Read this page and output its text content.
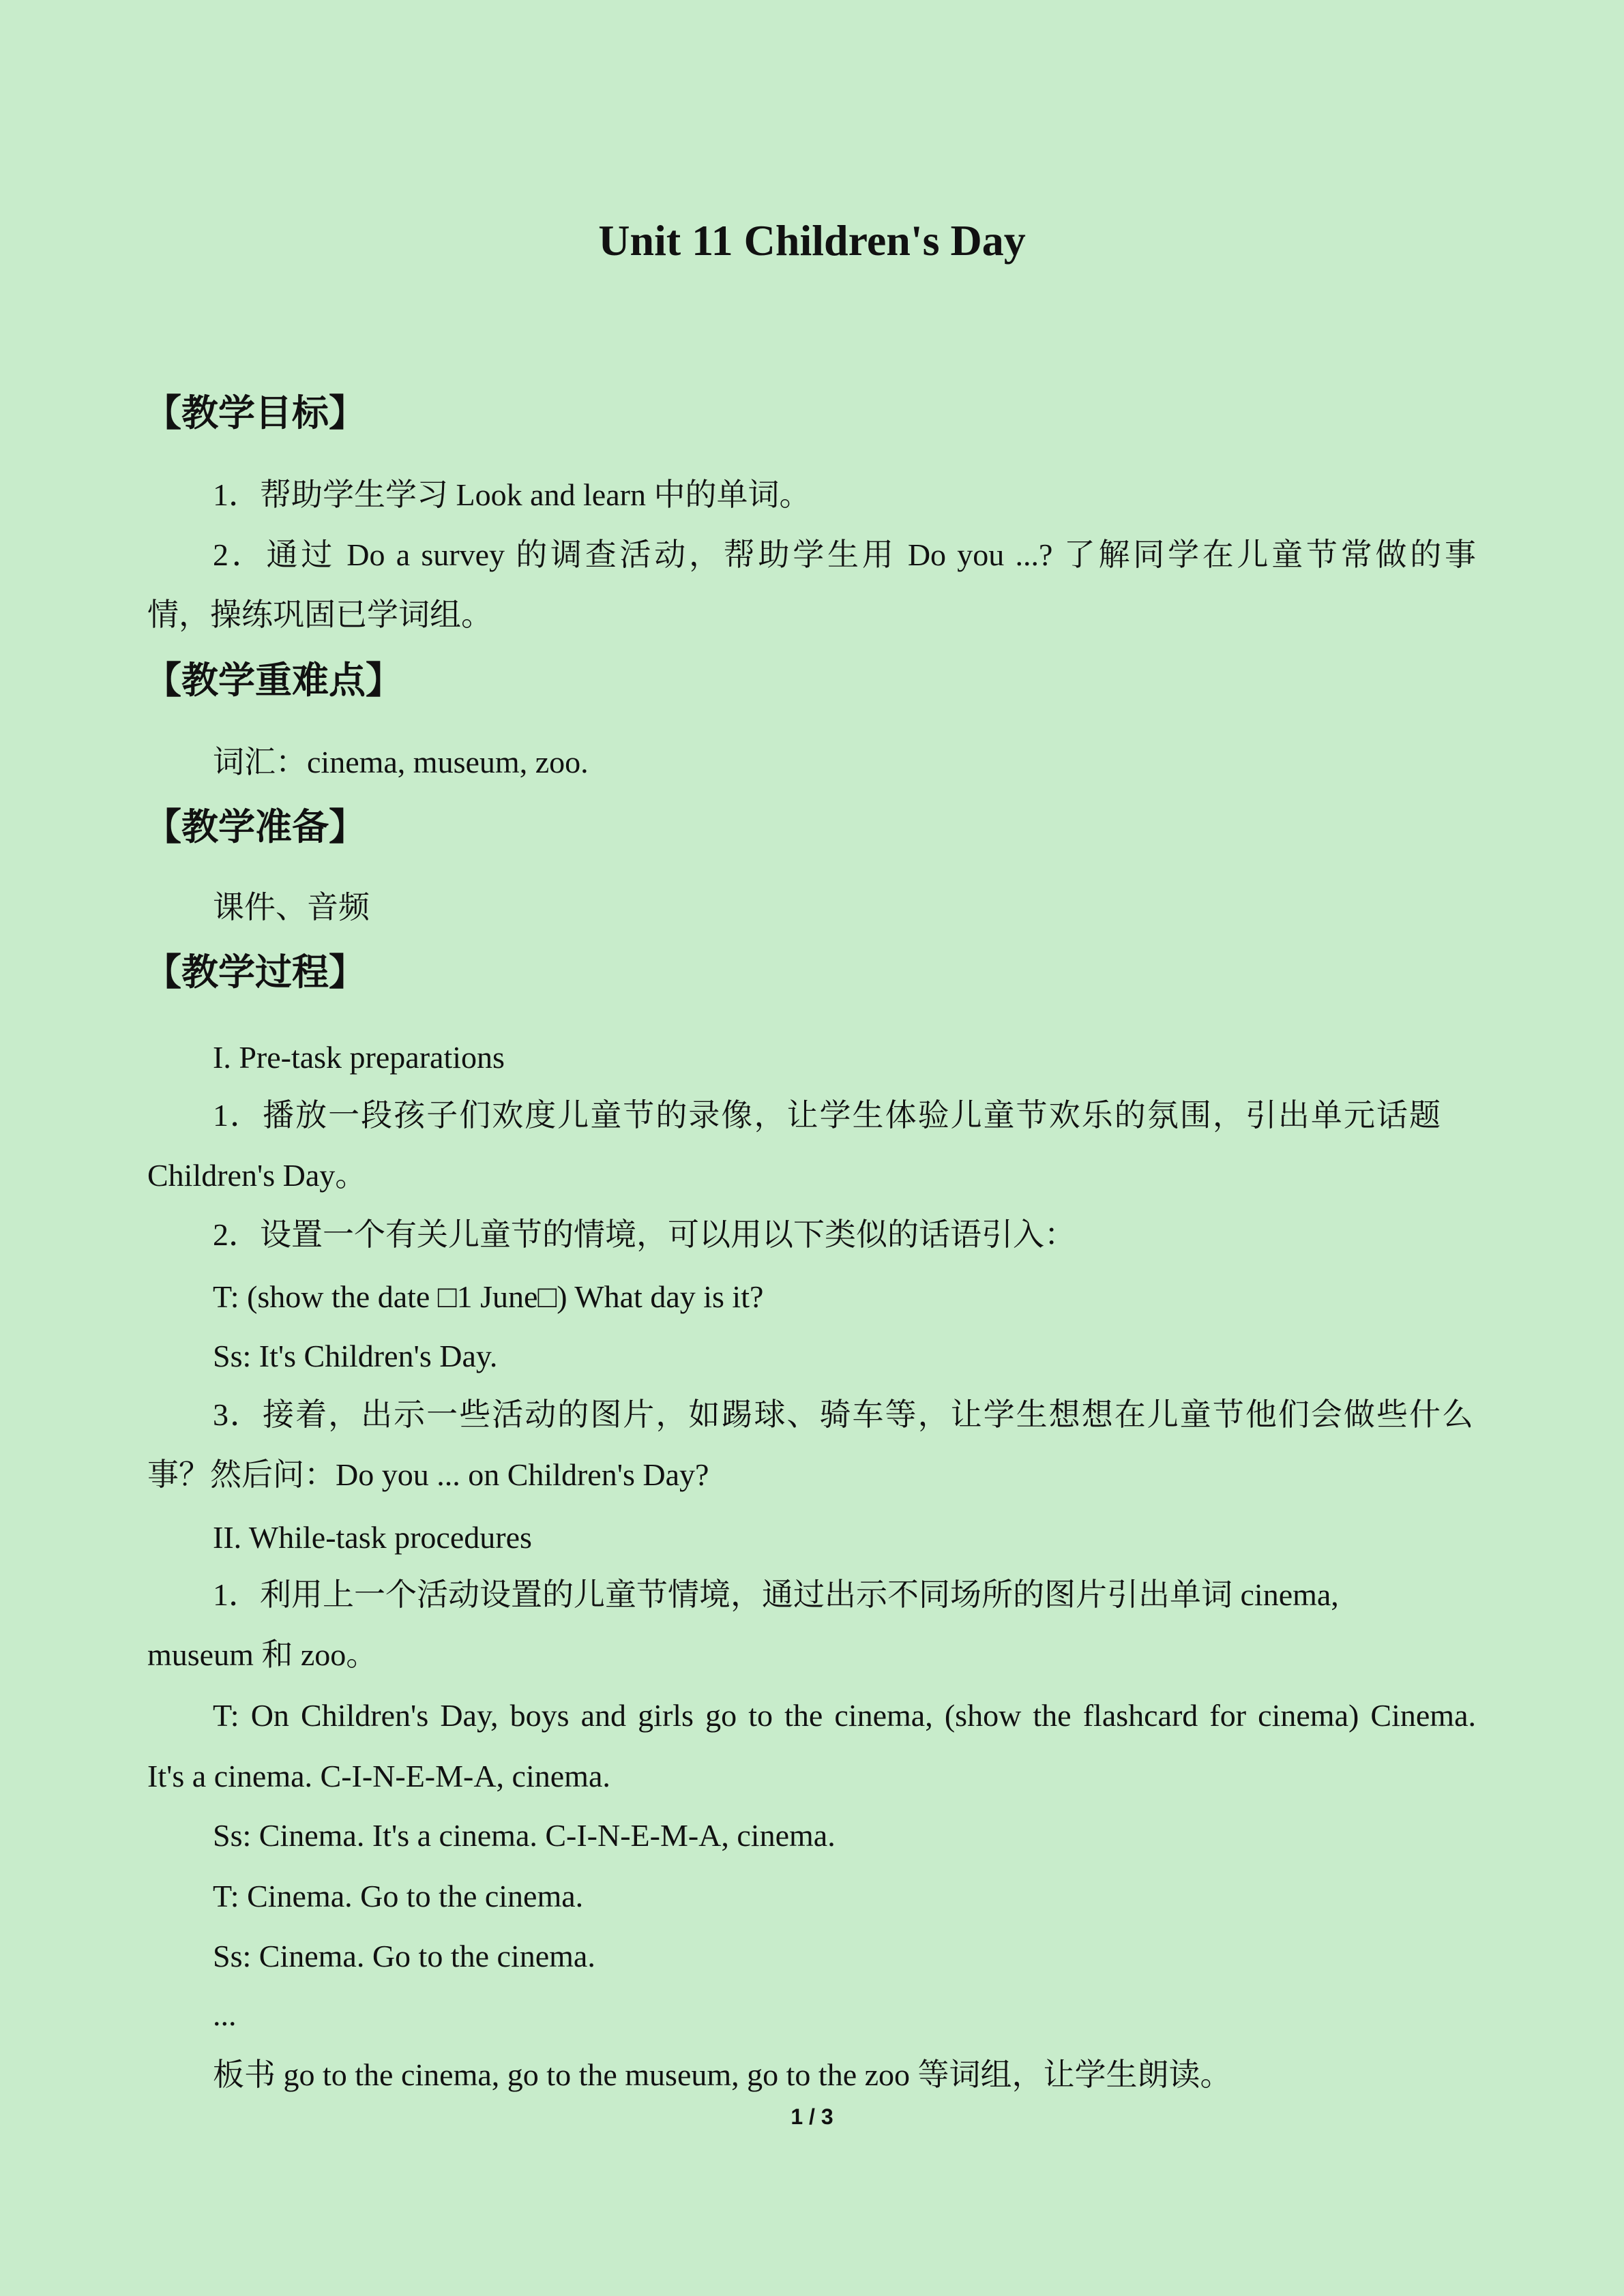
Unit 11 Children's Day
【教学目标】

1．帮助学生学习 Look and learn 中的单词。

2．通过 Do a survey 的调查活动，帮助学生用 Do you ...? 了解同学在儿童节常做的事

情，操练巩固已学词组。

【教学重难点】

词汇：cinema, museum, zoo.

【教学准备】

课件、音频

【教学过程】

I. Pre-task preparations

1．播放一段孩子们欢度儿童节的录像，让学生体验儿童节欢乐的氛围，引出单元话题

Children's Day。

2．设置一个有关儿童节的情境，可以用以下类似的话语引入：

T: (show the date □1 June□) What day is it?

Ss: It's Children's Day.

3．接着，出示一些活动的图片，如踢球、骑车等，让学生想想在儿童节他们会做些什么

事？然后问：Do you ... on Children's Day?

II. While-task procedures

1．利用上一个活动设置的儿童节情境，通过出示不同场所的图片引出单词 cinema,

museum 和 zoo。

T: On Children's Day, boys and girls go to the cinema, (show the flashcard for cinema) Cinema.

It's a cinema. C-I-N-E-M-A, cinema.

Ss: Cinema. It's a cinema. C-I-N-E-M-A, cinema.

T: Cinema. Go to the cinema.

Ss: Cinema. Go to the cinema.

...

板书 go to the cinema, go to the museum, go to the zoo 等词组，让学生朗读。

1 / 3
